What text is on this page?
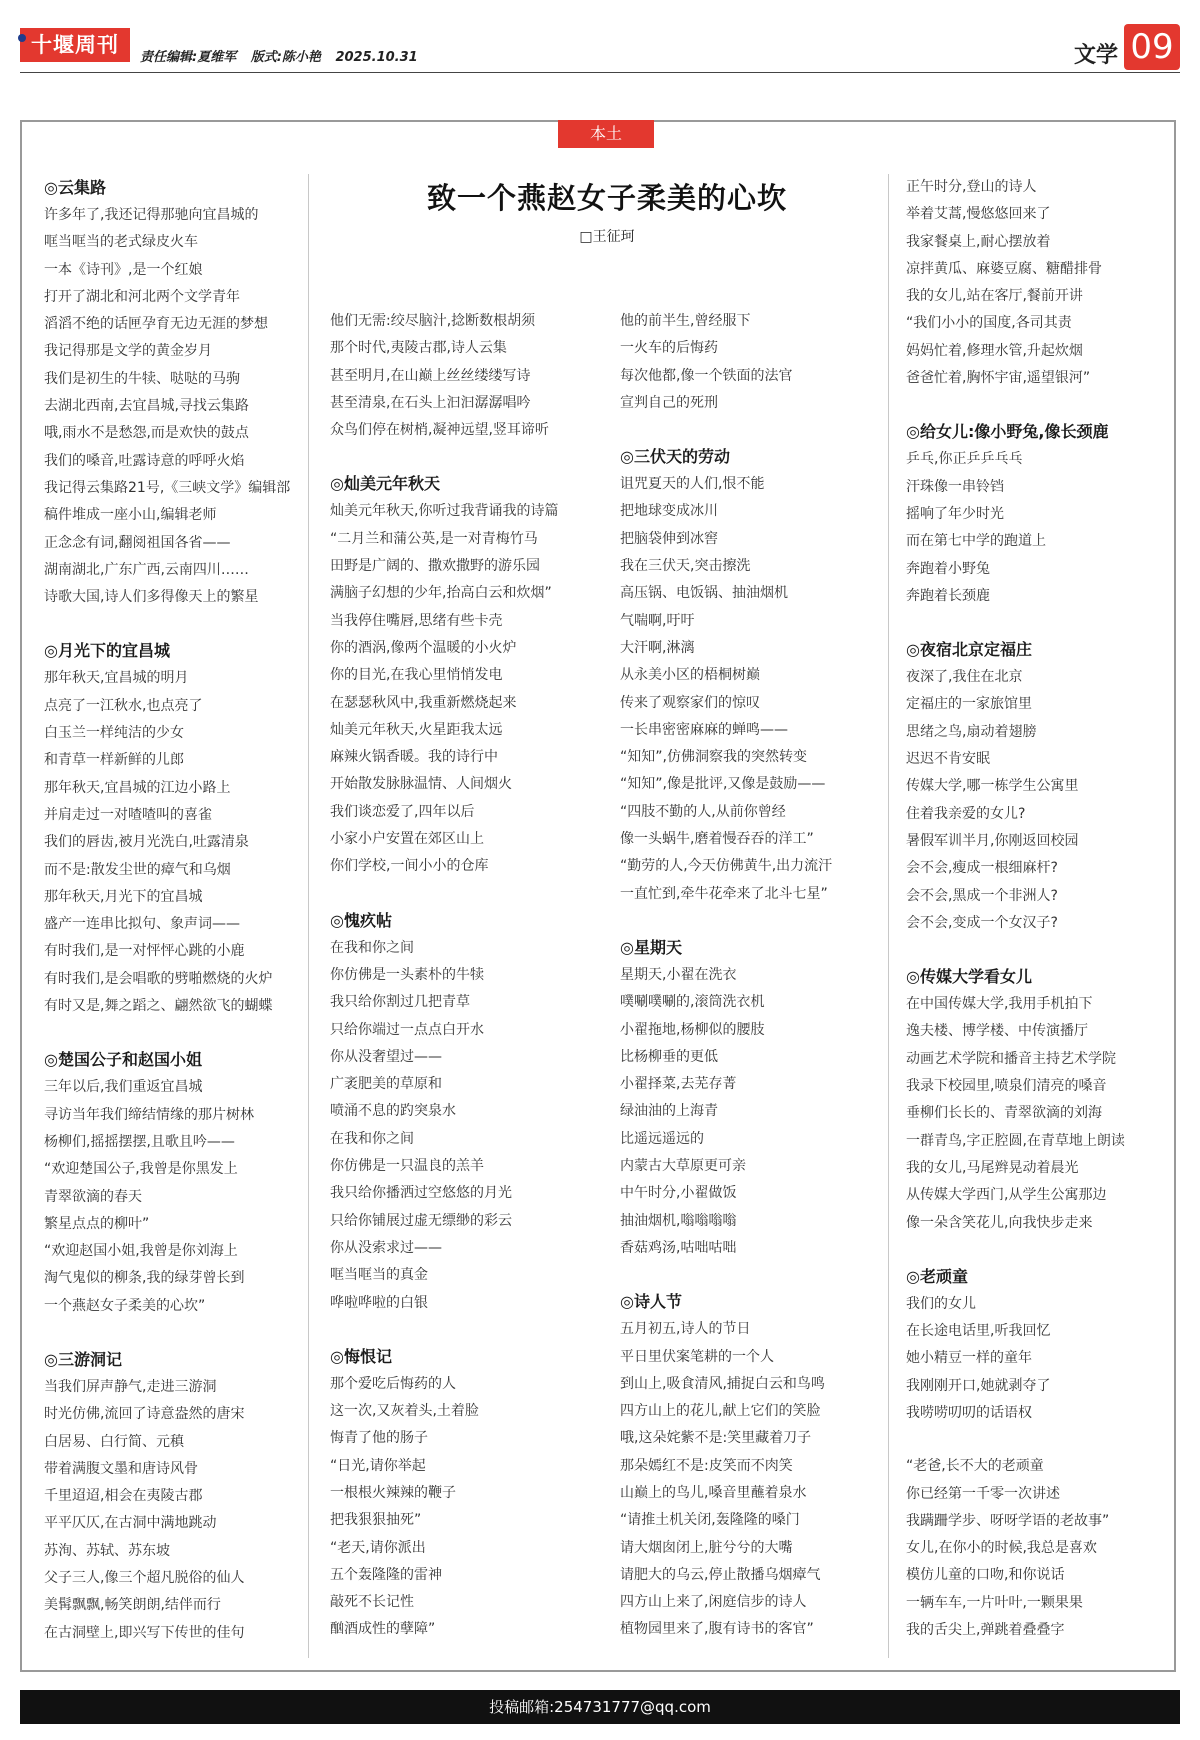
十堰周刊
责任编辑:夏维军 版式:陈小艳 2025.10.31	文学 09
本土
致一个燕赵女子柔美的心坎
□王征珂
◎云集路
许多年了,我还记得那驰向宜昌城的
哐当哐当的老式绿皮火车
一本《诗刊》,是一个红娘
打开了湖北和河北两个文学青年
滔滔不绝的话匣孕育无边无涯的梦想
我记得那是文学的黄金岁月
我们是初生的牛犊、哒哒的马驹
去湖北西南,去宜昌城,寻找云集路
哦,雨水不是愁怨,而是欢快的鼓点
我们的嗓音,吐露诗意的呼呼火焰
我记得云集路21号,《三峡文学》编辑部
稿件堆成一座小山,编辑老师
正念念有词,翻阅祖国各省——
湖南湖北,广东广西,云南四川……
诗歌大国,诗人们多得像天上的繁星
◎月光下的宜昌城
那年秋天,宜昌城的明月
点亮了一江秋水,也点亮了
白玉兰一样纯洁的少女
和青草一样新鲜的儿郎
那年秋天,宜昌城的江边小路上
并肩走过一对喳喳叫的喜雀
我们的唇齿,被月光洗白,吐露清泉
而不是:散发尘世的瘴气和乌烟
那年秋天,月光下的宜昌城
盛产一连串比拟句、象声词——
有时我们,是一对怦怦心跳的小鹿
有时我们,是会唱歌的劈啪燃烧的火炉
有时又是,舞之蹈之、翩然欲飞的蝴蝶
◎楚国公子和赵国小姐
三年以后,我们重返宜昌城
寻访当年我们缔结情缘的那片树林
杨柳们,摇摇摆摆,且歌且吟——
“欢迎楚国公子,我曾是你黑发上
青翠欲滴的春天
繁星点点的柳叶”
“欢迎赵国小姐,我曾是你刘海上
淘气鬼似的柳条,我的绿芽曾长到
一个燕赵女子柔美的心坎”
◎三游洞记
当我们屏声静气,走进三游洞
时光仿佛,流回了诗意盎然的唐宋
白居易、白行简、元稹
带着满腹文墨和唐诗风骨
千里迢迢,相会在夷陵古郡
平平仄仄,在古洞中满地跳动
苏洵、苏轼、苏东坡
父子三人,像三个超凡脱俗的仙人
美髯飘飘,畅笑朗朗,结伴而行
在古洞壁上,即兴写下传世的佳句
他们无需:绞尽脑汁,捻断数根胡须
那个时代,夷陵古郡,诗人云集
甚至明月,在山巅上丝丝缕缕写诗
甚至清泉,在石头上汩汩潺潺唱吟
众鸟们停在树梢,凝神远望,竖耳谛听
◎灿美元年秋天
灿美元年秋天,你听过我背诵我的诗篇
“二月兰和蒲公英,是一对青梅竹马
田野是广阔的、撒欢撒野的游乐园
满脑子幻想的少年,抬高白云和炊烟”
当我停住嘴唇,思绪有些卡壳
你的酒涡,像两个温暖的小火炉
你的目光,在我心里悄悄发电
在瑟瑟秋风中,我重新燃烧起来
灿美元年秋天,火星距我太远
麻辣火锅香暖。我的诗行中
开始散发脉脉温情、人间烟火
我们谈恋爱了,四年以后
小家小户安置在郊区山上
你们学校,一间小小的仓库
◎愧疚帖
在我和你之间
你仿佛是一头素朴的牛犊
我只给你割过几把青草
只给你端过一点点白开水
你从没奢望过——
广袤肥美的草原和
喷涌不息的趵突泉水
在我和你之间
你仿佛是一只温良的羔羊
我只给你播洒过空悠悠的月光
只给你铺展过虚无缥缈的彩云
你从没索求过——
哐当哐当的真金
哗啦哗啦的白银
◎悔恨记
那个爱吃后悔药的人
这一次,又灰着头,土着脸
悔青了他的肠子
“日光,请你举起
一根根火辣辣的鞭子
把我狠狠抽死”
“老天,请你派出
五个轰隆隆的雷神
敲死不长记性
酗酒成性的孽障”
他的前半生,曾经服下
一火车的后悔药
每次他都,像一个铁面的法官
宣判自己的死刑
◎三伏天的劳动
诅咒夏天的人们,恨不能
把地球变成冰川
把脑袋伸到冰窖
我在三伏天,突击擦洗
高压锅、电饭锅、抽油烟机
气喘啊,吁吁
大汗啊,淋漓
从永美小区的梧桐树巅
传来了观察家们的惊叹
一长串密密麻麻的蝉鸣——
“知知”,仿佛洞察我的突然转变
“知知”,像是批评,又像是鼓励——
“四肢不勤的人,从前你曾经
像一头蜗牛,磨着慢吞吞的洋工”
“勤劳的人,今天仿佛黄牛,出力流汗
一直忙到,牵牛花牵来了北斗七星”
◎星期天
星期天,小翟在洗衣
噗唰噗唰的,滚筒洗衣机
小翟拖地,杨柳似的腰肢
比杨柳垂的更低
小翟择菜,去芜存菁
绿油油的上海青
比遥远遥远的
内蒙古大草原更可亲
中午时分,小翟做饭
抽油烟机,嗡嗡嗡嗡
香菇鸡汤,咕咄咕咄
◎诗人节
五月初五,诗人的节日
平日里伏案笔耕的一个人
到山上,吸食清风,捕捉白云和鸟鸣
四方山上的花儿,献上它们的笑脸
哦,这朵姹紫不是:笑里藏着刀子
那朵嫣红不是:皮笑而不肉笑
山巅上的鸟儿,嗓音里蘸着泉水
“请推土机关闭,轰隆隆的嗓门
请大烟囱闭上,脏兮兮的大嘴
请肥大的乌云,停止散播乌烟瘴气
四方山上来了,闲庭信步的诗人
植物园里来了,腹有诗书的客官”
正午时分,登山的诗人
举着艾蒿,慢悠悠回来了
我家餐桌上,耐心摆放着
凉拌黄瓜、麻婆豆腐、糖醋排骨
我的女儿,站在客厅,餐前开讲
“我们小小的国度,各司其责
妈妈忙着,修理水管,升起炊烟
爸爸忙着,胸怀宇宙,遥望银河”
◎给女儿:像小野兔,像长颈鹿
乒乓,你正乒乒乓乓
汗珠像一串铃铛
摇响了年少时光
而在第七中学的跑道上
奔跑着小野兔
奔跑着长颈鹿
◎夜宿北京定福庄
夜深了,我住在北京
定福庄的一家旅馆里
思绪之鸟,扇动着翅膀
迟迟不肯安眠
传媒大学,哪一栋学生公寓里
住着我亲爱的女儿?
暑假军训半月,你刚返回校园
会不会,瘦成一根细麻杆?
会不会,黑成一个非洲人?
会不会,变成一个女汉子?
◎传媒大学看女儿
在中国传媒大学,我用手机拍下
逸夫楼、博学楼、中传演播厅
动画艺术学院和播音主持艺术学院
我录下校园里,喷泉们清亮的嗓音
垂柳们长长的、青翠欲滴的刘海
一群青鸟,字正腔圆,在青草地上朗读
我的女儿,马尾辫晃动着晨光
从传媒大学西门,从学生公寓那边
像一朵含笑花儿,向我快步走来
◎老顽童
我们的女儿
在长途电话里,听我回忆
她小精豆一样的童年
我刚刚开口,她就剥夺了
我唠唠叨叨的话语权
“老爸,长不大的老顽童
你已经第一千零一次讲述
我蹒跚学步、呀呀学语的老故事”
女儿,在你小的时候,我总是喜欢
模仿儿童的口吻,和你说话
一辆车车,一片叶叶,一颗果果
我的舌尖上,弹跳着叠叠字
投稿邮箱:254731777@qq.com
